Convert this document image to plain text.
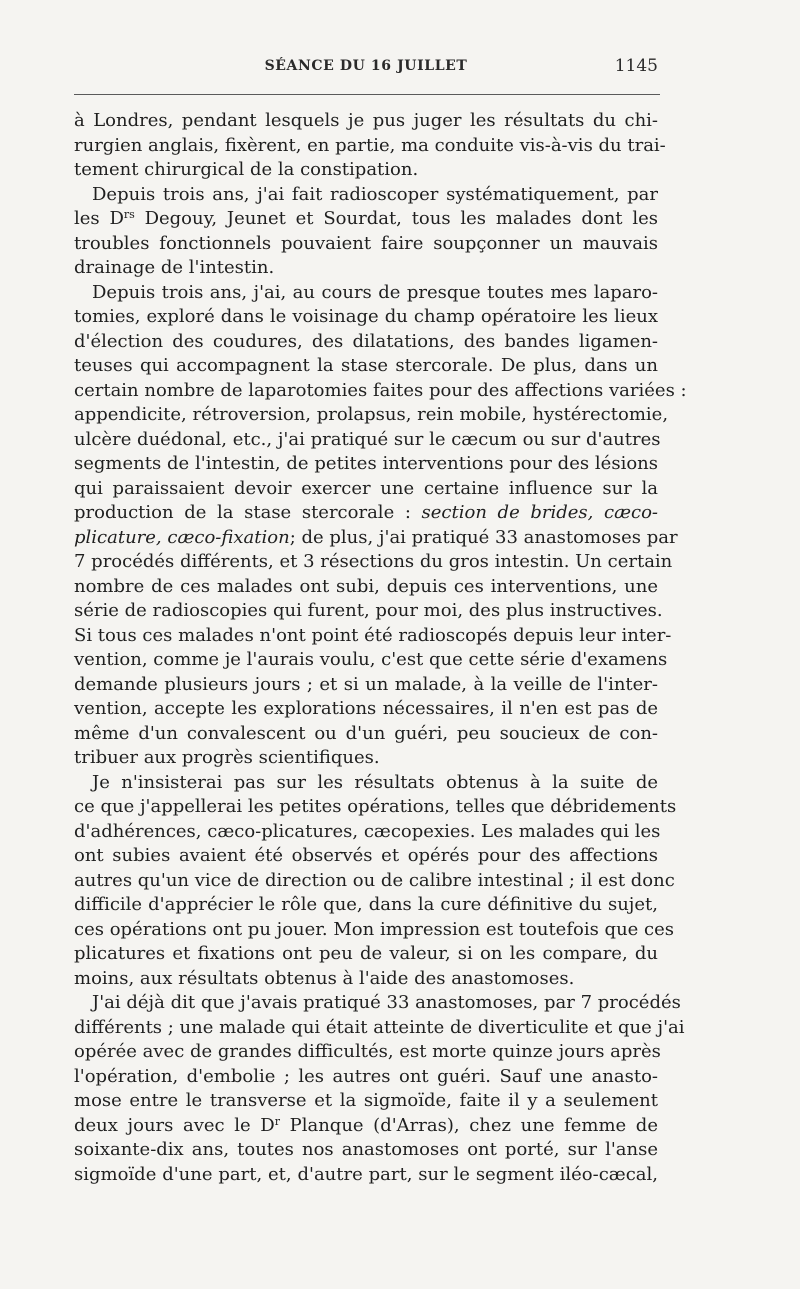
SÉANCE DU 16 JUILLET	1145
à Londres, pendant lesquels je pus juger les résultats du chi-
rurgien anglais, fixèrent, en partie, ma conduite vis-à-vis du trai-
tement chirurgical de la constipation.
Depuis trois ans, j'ai fait radioscoper systématiquement, par
les $D^{rs}$ Degouy, Jeunet et Sourdat, tous les malades dont les
troubles fonctionnels pouvaient faire soupçonner un mauvais
drainage de l'intestin.
Depuis trois ans, j'ai, au cours de presque toutes mes laparo-
tomies, exploré dans le voisinage du champ opératoire les lieux
d'élection des coudures, des dilatations, des bandes ligamen-
teuses qui accompagnent la stase stercorale. De plus, dans un
certain nombre de laparotomies faites pour des affections variées :
appendicite, rétroversion, prolapsus, rein mobile, hystérectomie,
ulcère duédonal, etc., j'ai pratiqué sur le cæcum ou sur d'autres
segments de l'intestin, de petites interventions pour des lésions
qui paraissaient devoir exercer une certaine influence sur la
production de la stase stercorale : section de brides, cæco-
plicature, cæco-fixation; de plus, j'ai pratiqué 33 anastomoses par
7 procédés différents, et 3 résections du gros intestin. Un certain
nombre de ces malades ont subi, depuis ces interventions, une
série de radioscopies qui furent, pour moi, des plus instructives.
Si tous ces malades n'ont point été radioscopés depuis leur inter-
vention, comme je l'aurais voulu, c'est que cette série d'examens
demande plusieurs jours ; et si un malade, à la veille de l'inter-
vention, accepte les explorations nécessaires, il n'en est pas de
même d'un convalescent ou d'un guéri, peu soucieux de con-
tribuer aux progrès scientifiques.
Je n'insisterai pas sur les résultats obtenus à la suite de
ce que j'appellerai les petites opérations, telles que débridements
d'adhérences, cæco-plicatures, cæcopexies. Les malades qui les
ont subies avaient été observés et opérés pour des affections
autres qu'un vice de direction ou de calibre intestinal ; il est donc
difficile d'apprécier le rôle que, dans la cure définitive du sujet,
ces opérations ont pu jouer. Mon impression est toutefois que ces
plicatures et fixations ont peu de valeur, si on les compare, du
moins, aux résultats obtenus à l'aide des anastomoses.
J'ai déjà dit que j'avais pratiqué 33 anastomoses, par 7 procédés
différents ; une malade qui était atteinte de diverticulite et que j'ai
opérée avec de grandes difficultés, est morte quinze jours après
l'opération, d'embolie ; les autres ont guéri. Sauf une anasto-
mose entre le transverse et la sigmoïde, faite il y a seulement
deux jours avec le $D^r$ Planque (d'Arras), chez une femme de
soixante-dix ans, toutes nos anastomoses ont porté, sur l'anse
sigmoïde d'une part, et, d'autre part, sur le segment iléo-cæcal,
